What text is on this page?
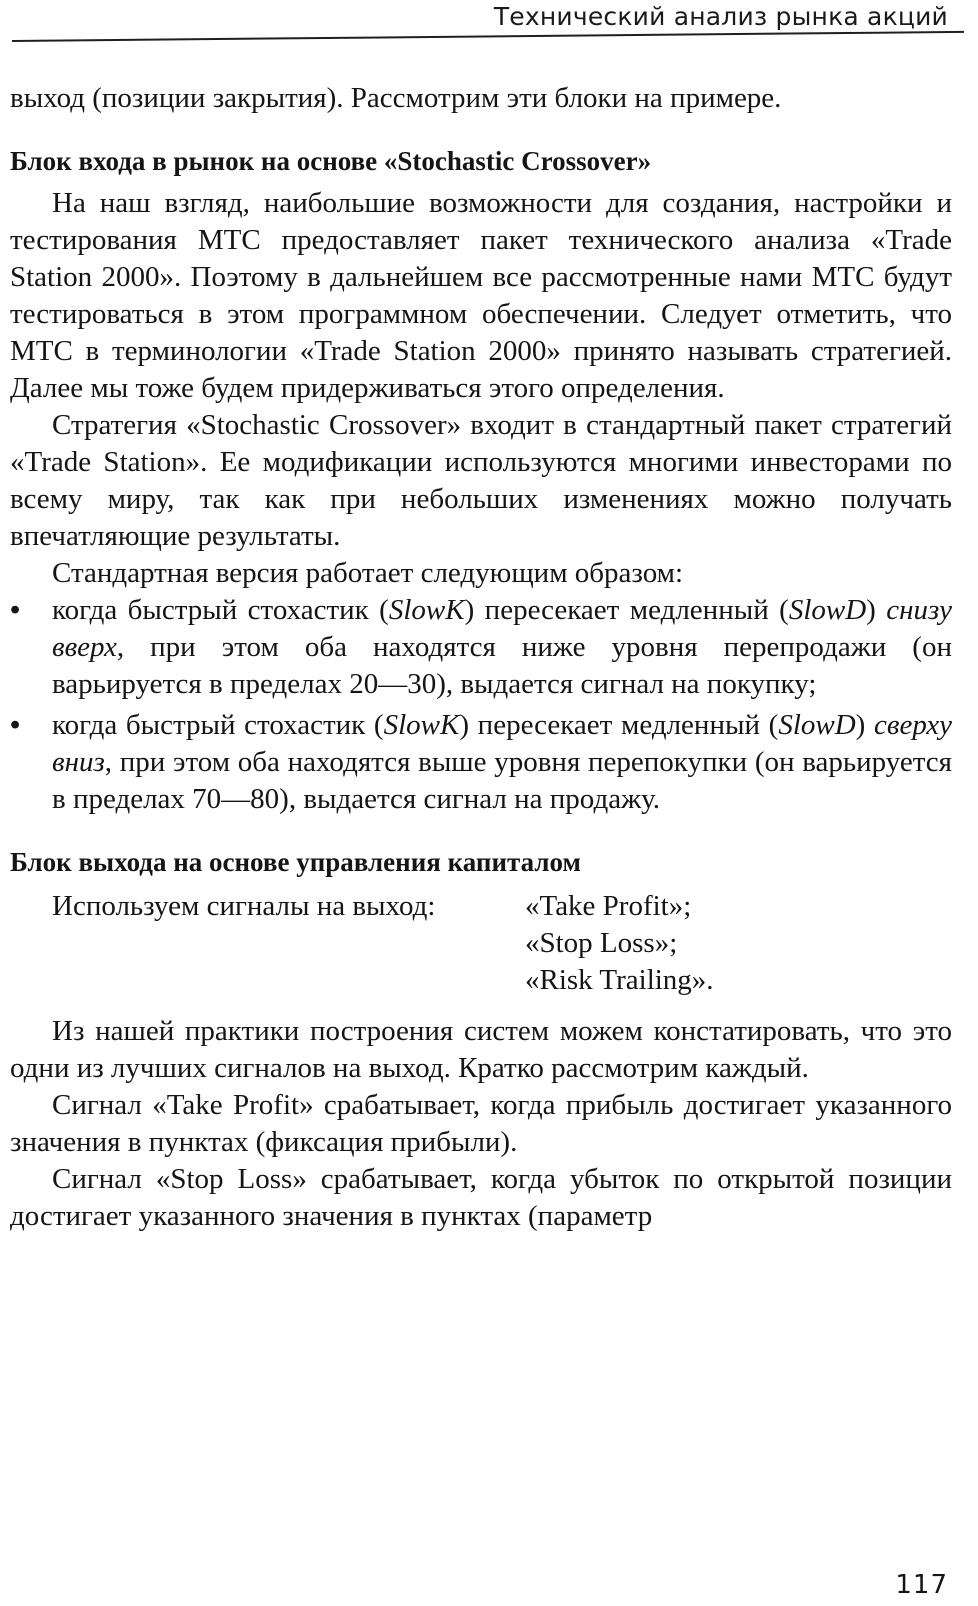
Технический анализ рынка акций

выход (позиции закрытия). Рассмотрим эти блоки на примере.

Блок входа в рынок на основе «Stochastic Crossover»

На наш взгляд, наибольшие возможности для создания, настройки и тестирования МТС предоставляет пакет технического анализа «Trade Station 2000». Поэтому в дальнейшем все рассмотренные нами МТС будут тестироваться в этом программном обеспечении. Следует отметить, что МТС в терминологии «Trade Station 2000» принято называть стратегией. Далее мы тоже будем придерживаться этого определения.

Стратегия «Stochastic Crossover» входит в стандартный пакет стратегий «Trade Station». Ее модификации используются многими инвесторами по всему миру, так как при небольших изменениях можно получать впечатляющие результаты.

Стандартная версия работает следующим образом:

•	когда быстрый стохастик (SlowK) пересекает медленный (SlowD) снизу вверх, при этом оба находятся ниже уровня перепродажи (он варьируется в пределах 20—30), выдается сигнал на покупку;
•	когда быстрый стохастик (SlowK) пересекает медленный (SlowD) сверху вниз, при этом оба находятся выше уровня перепокупки (он варьируется в пределах 70—80), выдается сигнал на продажу.
Блок выхода на основе управления капиталом
Используем сигналы на выход:	«Take Profit»;
«Stop Loss»;
«Risk Trailing».

Из нашей практики построения систем можем констатировать, что это одни из лучших сигналов на выход. Кратко рассмотрим каждый.

Сигнал «Take Profit» срабатывает, когда прибыль достигает указанного значения в пунктах (фиксация прибыли).

Сигнал «Stop Loss» срабатывает, когда убыток по открытой позиции достигает указанного значения в пунктах (параметр

117
